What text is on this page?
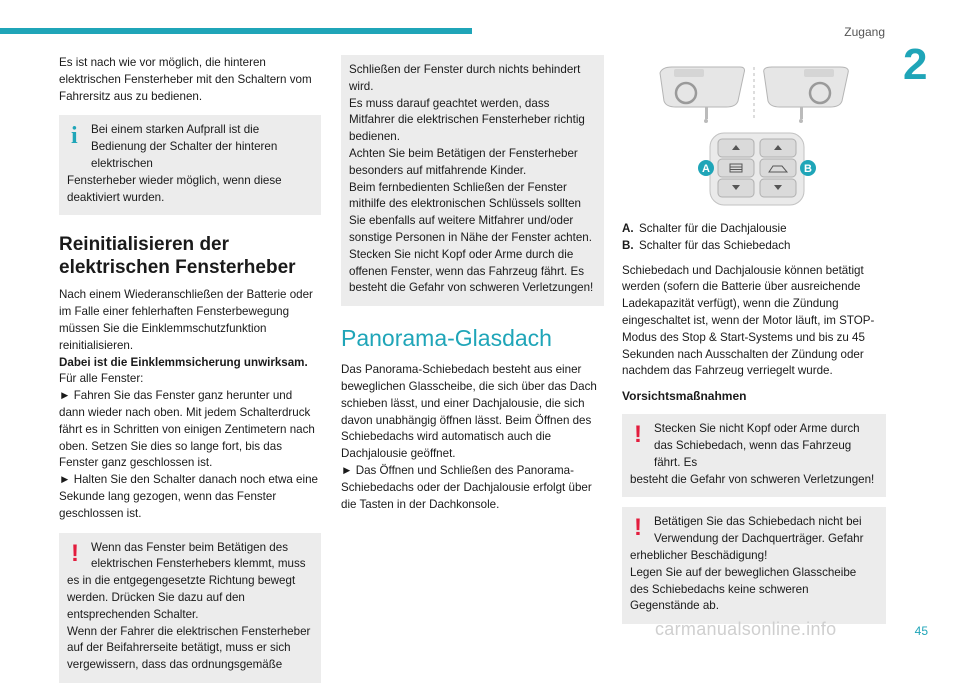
Zugang
2

Es ist nach wie vor möglich, die hinteren elektrischen Fensterheber mit den Schaltern vom Fahrersitz aus zu bedienen.

i	Bei einem starken Aufprall ist die Bedienung der Schalter der hinteren elektrischen
Fensterheber wieder möglich, wenn diese deaktiviert wurden.
Reinitialisieren der elektrischen Fensterheber

Nach einem Wiederanschließen der Batterie oder im Falle einer fehlerhaften Fensterbewegung müssen Sie die Einklemmschutzfunktion reinitialisieren.

Dabei ist die Einklemmsicherung unwirksam.

Für alle Fenster:

► Fahren Sie das Fenster ganz herunter und dann wieder nach oben. Mit jedem Schalterdruck fährt es in Schritten von einigen Zentimetern nach oben. Setzen Sie dies so lange fort, bis das Fenster ganz geschlossen ist.

► Halten Sie den Schalter danach noch etwa eine Sekunde lang gezogen, wenn das Fenster geschlossen ist.

!	Wenn das Fenster beim Betätigen des elektrischen Fensterhebers klemmt, muss
es in die entgegengesetzte Richtung bewegt werden. Drücken Sie dazu auf den entsprechenden Schalter.
Wenn der Fahrer die elektrischen Fensterheber auf der Beifahrerseite betätigt, muss er sich vergewissern, dass das ordnungsgemäße

Schließen der Fenster durch nichts behindert wird.

Es muss darauf geachtet werden, dass Mitfahrer die elektrischen Fensterheber richtig bedienen.

Achten Sie beim Betätigen der Fensterheber besonders auf mitfahrende Kinder.

Beim fernbedienten Schließen der Fenster mithilfe des elektronischen Schlüssels sollten Sie ebenfalls auf weitere Mitfahrer und/oder sonstige Personen in Nähe der Fenster achten.

Stecken Sie nicht Kopf oder Arme durch die offenen Fenster, wenn das Fahrzeug fährt. Es besteht die Gefahr von schweren Verletzungen!

Panorama-Glasdach

Das Panorama-Schiebedach besteht aus einer beweglichen Glasscheibe, die sich über das Dach schieben lässt, und einer Dachjalousie, die sich davon unabhängig öffnen lässt. Beim Öffnen des Schiebedachs wird automatisch auch die Dachjalousie geöffnet.

► Das Öffnen und Schließen des Panorama-Schiebedachs oder der Dachjalousie erfolgt über die Tasten in der Dachkonsole.

A	B

A. Schalter für die Dachjalousie

B. Schalter für das Schiebedach

Schiebedach und Dachjalousie können betätigt werden (sofern die Batterie über ausreichende Ladekapazität verfügt), wenn die Zündung eingeschaltet ist, wenn der Motor läuft, im STOP-Modus des Stop & Start-Systems und bis zu 45 Sekunden nach Ausschalten der Zündung oder nachdem das Fahrzeug verriegelt wurde.

Vorsichtsmaßnahmen
!	Stecken Sie nicht Kopf oder Arme durch das Schiebedach, wenn das Fahrzeug fährt. Es
besteht die Gefahr von schweren Verletzungen!
!	Betätigen Sie das Schiebedach nicht bei Verwendung der Dachquerträger. Gefahr
erheblicher Beschädigung!
Legen Sie auf der beweglichen Glasscheibe des Schiebedachs keine schweren Gegenstände ab.
45
carmanualsonline.info
